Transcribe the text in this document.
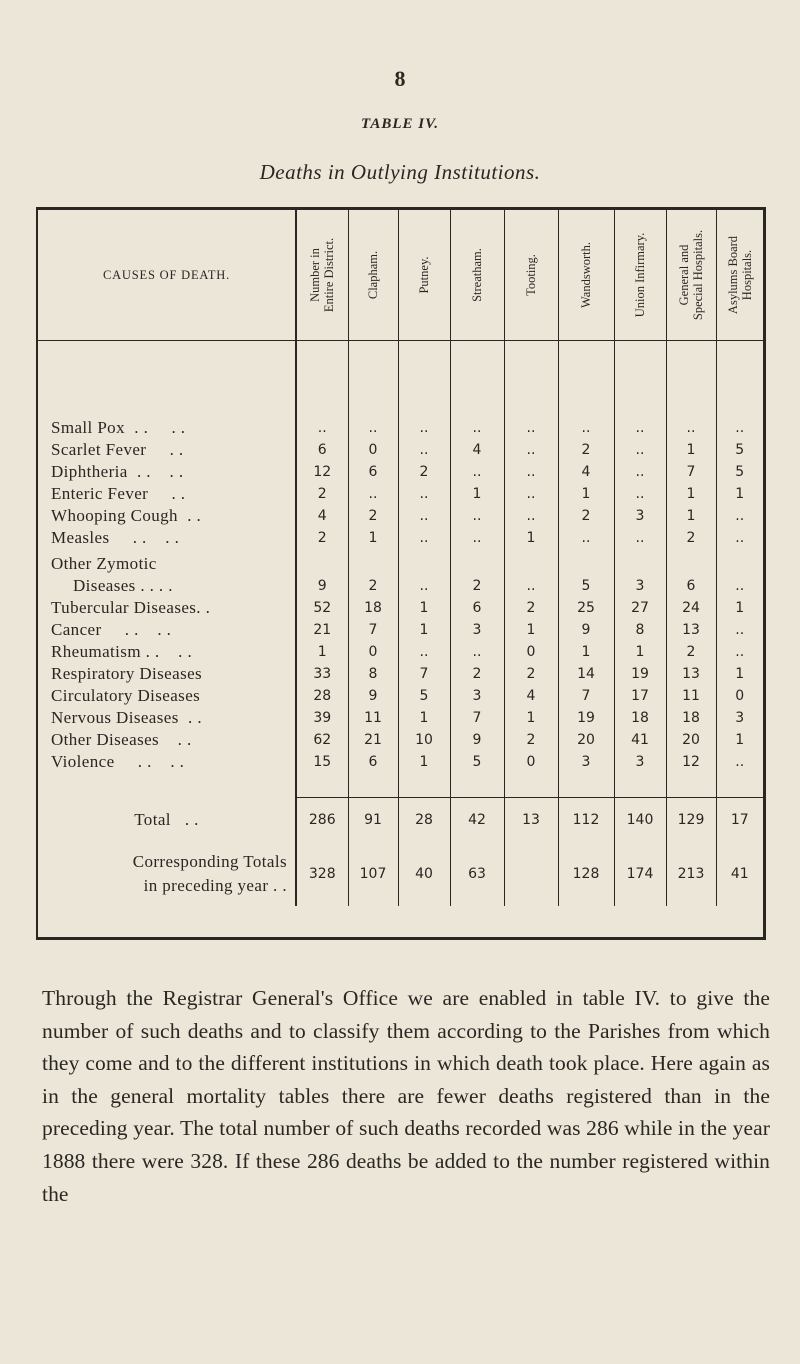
8
TABLE IV.
Deaths in Outlying Institutions.
CAUSES OF DEATH.	Number in Entire District.	Clapham.	Putney.	Streatham.	Tooting.	Wandsworth.	Union Infirmary.	General and Special Hospitals.	Asylums Board Hospitals.

Small Pox  . .     . .	..	..	..	..	..	..	..	..	..
Scarlet Fever     . .	6	0	..	4	..	2	..	1	5
Diphtheria  . .    . .	12	6	2	..	..	4	..	7	5
Enteric Fever     . .	2	..	..	1	..	1	..	1	1
Whooping Cough  . .	4	2	..	..	..	2	3	1	..
Measles     . .    . .	2	1	..	..	1	..	..	2	..

Other Zymotic
Diseases . . . .	9	2	..	2	..	5	3	6	..
Tubercular Diseases. .	52	18	1	6	2	25	27	24	1
Cancer     . .    . .	21	7	1	3	1	9	8	13	..
Rheumatism . .    . .	1	0	..	..	0	1	1	2	..
Respiratory Diseases	33	8	7	2	2	14	19	13	1
Circulatory Diseases	28	9	5	3	4	7	17	11	0
Nervous Diseases  . .	39	11	1	7	1	19	18	18	3
Other Diseases    . .	62	21	10	9	2	20	41	20	1
Violence     . .    . .	15	6	1	5	0	3	3	12	..

Total   . .	286	91	28	42	13	112	140	129	17

Corresponding Totals
in preceding year . .	328	107	40	63		128	174	213	41
Through the Registrar General's Office we are enabled in table IV. to give the number of such deaths and to classify them according to the Parishes from which they come and to the different institutions in which death took place. Here again as in the general mortality tables there are fewer deaths registered than in the preceding year. The total number of such deaths recorded was 286 while in the year 1888 there were 328. If these 286 deaths be added to the number registered within the
